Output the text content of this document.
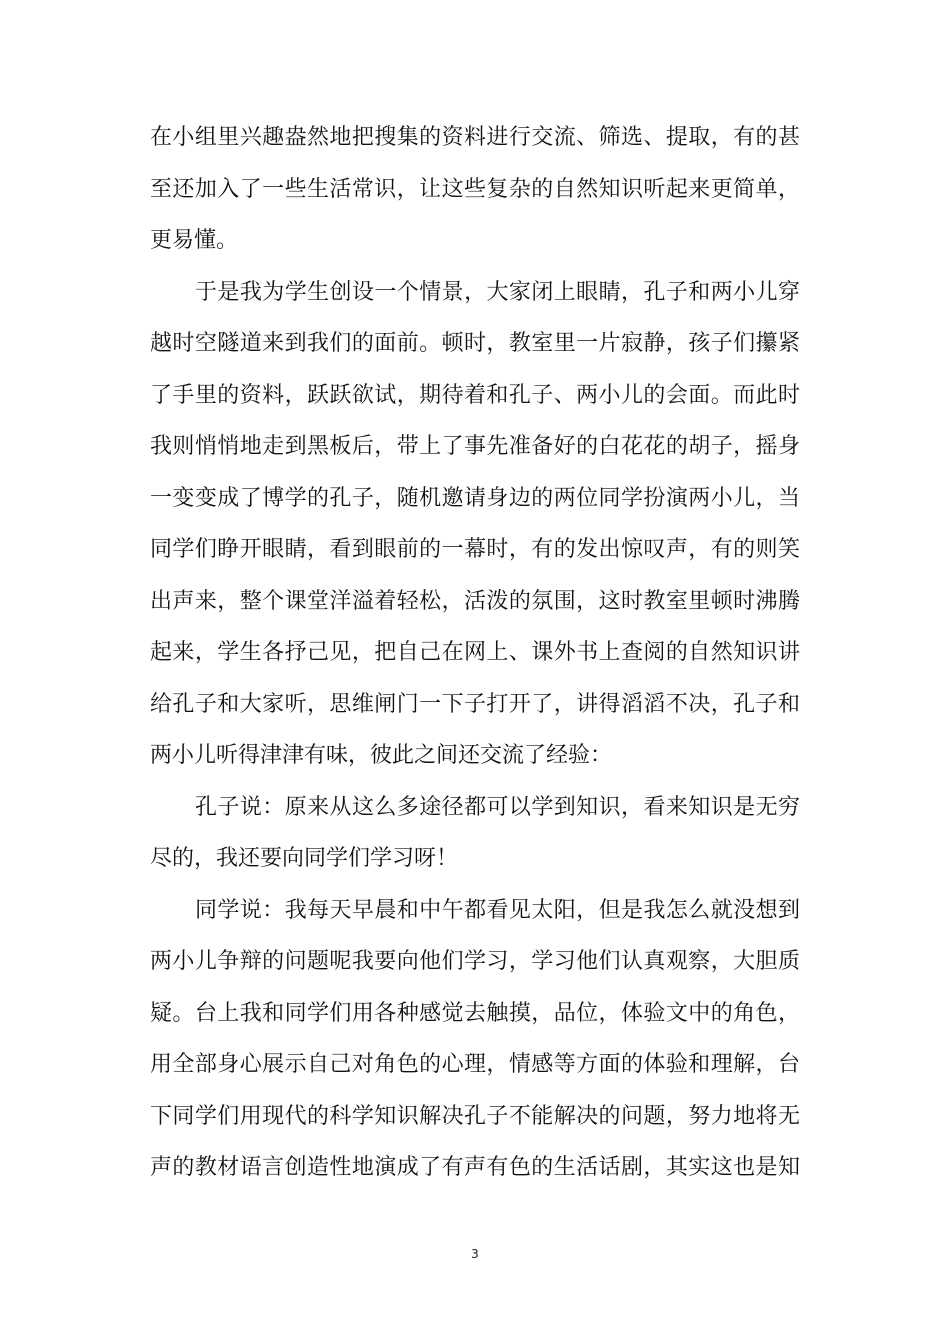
在小组里兴趣盎然地把搜集的资料进行交流、筛选、提取，有的甚
至还加入了一些生活常识，让这些复杂的自然知识听起来更简单，
更易懂。
于是我为学生创设一个情景，大家闭上眼睛，孔子和两小儿穿
越时空隧道来到我们的面前。顿时，教室里一片寂静，孩子们攥紧
了手里的资料，跃跃欲试，期待着和孔子、两小儿的会面。而此时
我则悄悄地走到黑板后，带上了事先准备好的白花花的胡子，摇身
一变变成了博学的孔子，随机邀请身边的两位同学扮演两小儿，当
同学们睁开眼睛，看到眼前的一幕时，有的发出惊叹声，有的则笑
出声来，整个课堂洋溢着轻松，活泼的氛围，这时教室里顿时沸腾
起来，学生各抒己见，把自己在网上、课外书上查阅的自然知识讲
给孔子和大家听，思维闸门一下子打开了，讲得滔滔不决，孔子和
两小儿听得津津有味，彼此之间还交流了经验：
孔子说：原来从这么多途径都可以学到知识，看来知识是无穷
尽的，我还要向同学们学习呀！
同学说：我每天早晨和中午都看见太阳，但是我怎么就没想到
两小儿争辩的问题呢我要向他们学习，学习他们认真观察，大胆质
疑。台上我和同学们用各种感觉去触摸，品位，体验文中的角色，
用全部身心展示自己对角色的心理，情感等方面的体验和理解，台
下同学们用现代的科学知识解决孔子不能解决的问题，努力地将无
声的教材语言创造性地演成了有声有色的生活话剧，其实这也是知
3
